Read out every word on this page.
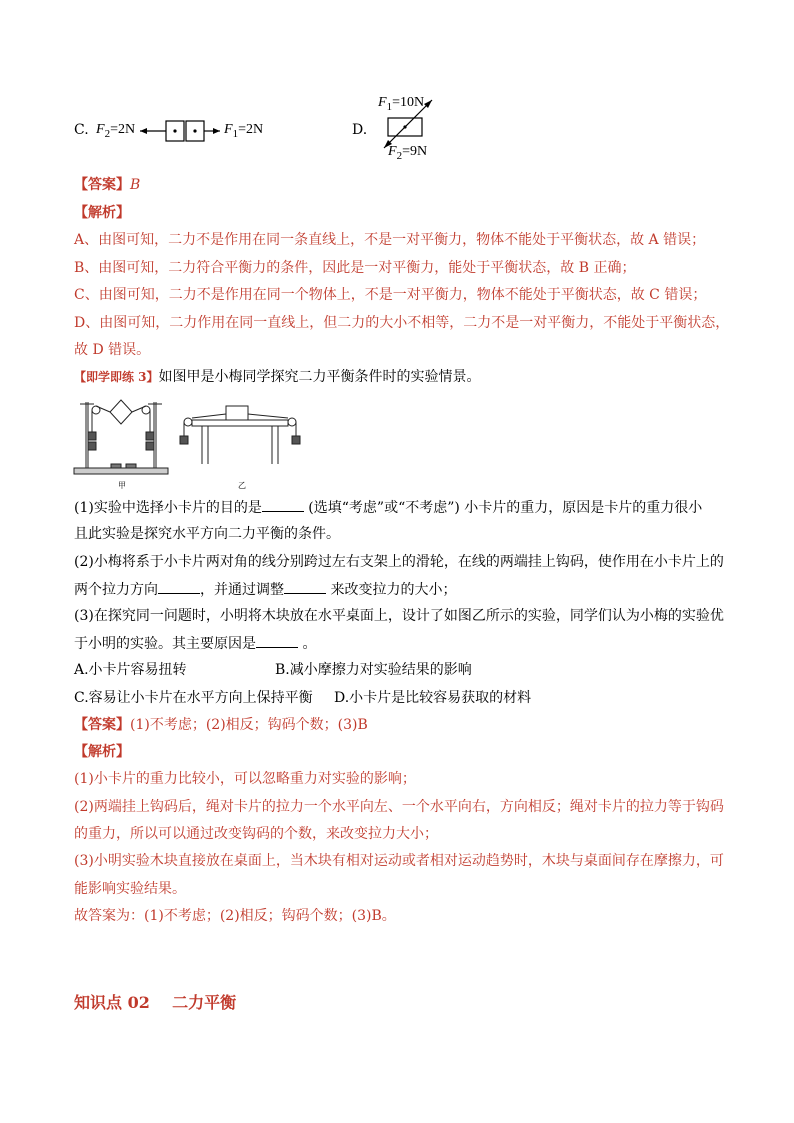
C. $F_2=2N$	$F_1=2N$	D.
$F_1=10N$
$F_2=9N$
【答案】B
【解析】
A、由图可知，二力不是作用在同一条直线上，不是一对平衡力，物体不能处于平衡状态，故 A 错误；
B、由图可知，二力符合平衡力的条件，因此是一对平衡力，能处于平衡状态，故 B 正确；
C、由图可知，二力不是作用在同一个物体上，不是一对平衡力，物体不能处于平衡状态，故 C 错误；
D、由图可知，二力作用在同一直线上，但二力的大小不相等，二力不是一对平衡力，不能处于平衡状态，
故 D 错误。
【即学即练 3】如图甲是小梅同学探究二力平衡条件时的实验情景。
甲	乙
(1)实验中选择小卡片的目的是	(选填“考虑”或“不考虑”) 小卡片的重力，原因是卡片的重力很小
且此实验是探究水平方向二力平衡的条件。
(2)小梅将系于小卡片两对角的线分别跨过左右支架上的滑轮，在线的两端挂上钩码，使作用在小卡片上的
两个拉力方向	，并通过调整	来改变拉力的大小；
(3)在探究同一问题时，小明将木块放在水平桌面上，设计了如图乙所示的实验，同学们认为小梅的实验优
于小明的实验。其主要原因是	。
A.小卡片容易扭转	B.减小摩擦力对实验结果的影响
C.容易让小卡片在水平方向上保持平衡 D.小卡片是比较容易获取的材料
【答案】(1)不考虑；(2)相反；钩码个数；(3)B
【解析】
(1)小卡片的重力比较小，可以忽略重力对实验的影响；
(2)两端挂上钩码后，绳对卡片的拉力一个水平向左、一个水平向右，方向相反；绳对卡片的拉力等于钩码
的重力，所以可以通过改变钩码的个数，来改变拉力大小；
(3)小明实验木块直接放在桌面上，当木块有相对运动或者相对运动趋势时，木块与桌面间存在摩擦力，可
能影响实验结果。
故答案为：(1)不考虑；(2)相反；钩码个数；(3)B。
知识点 02    二力平衡
